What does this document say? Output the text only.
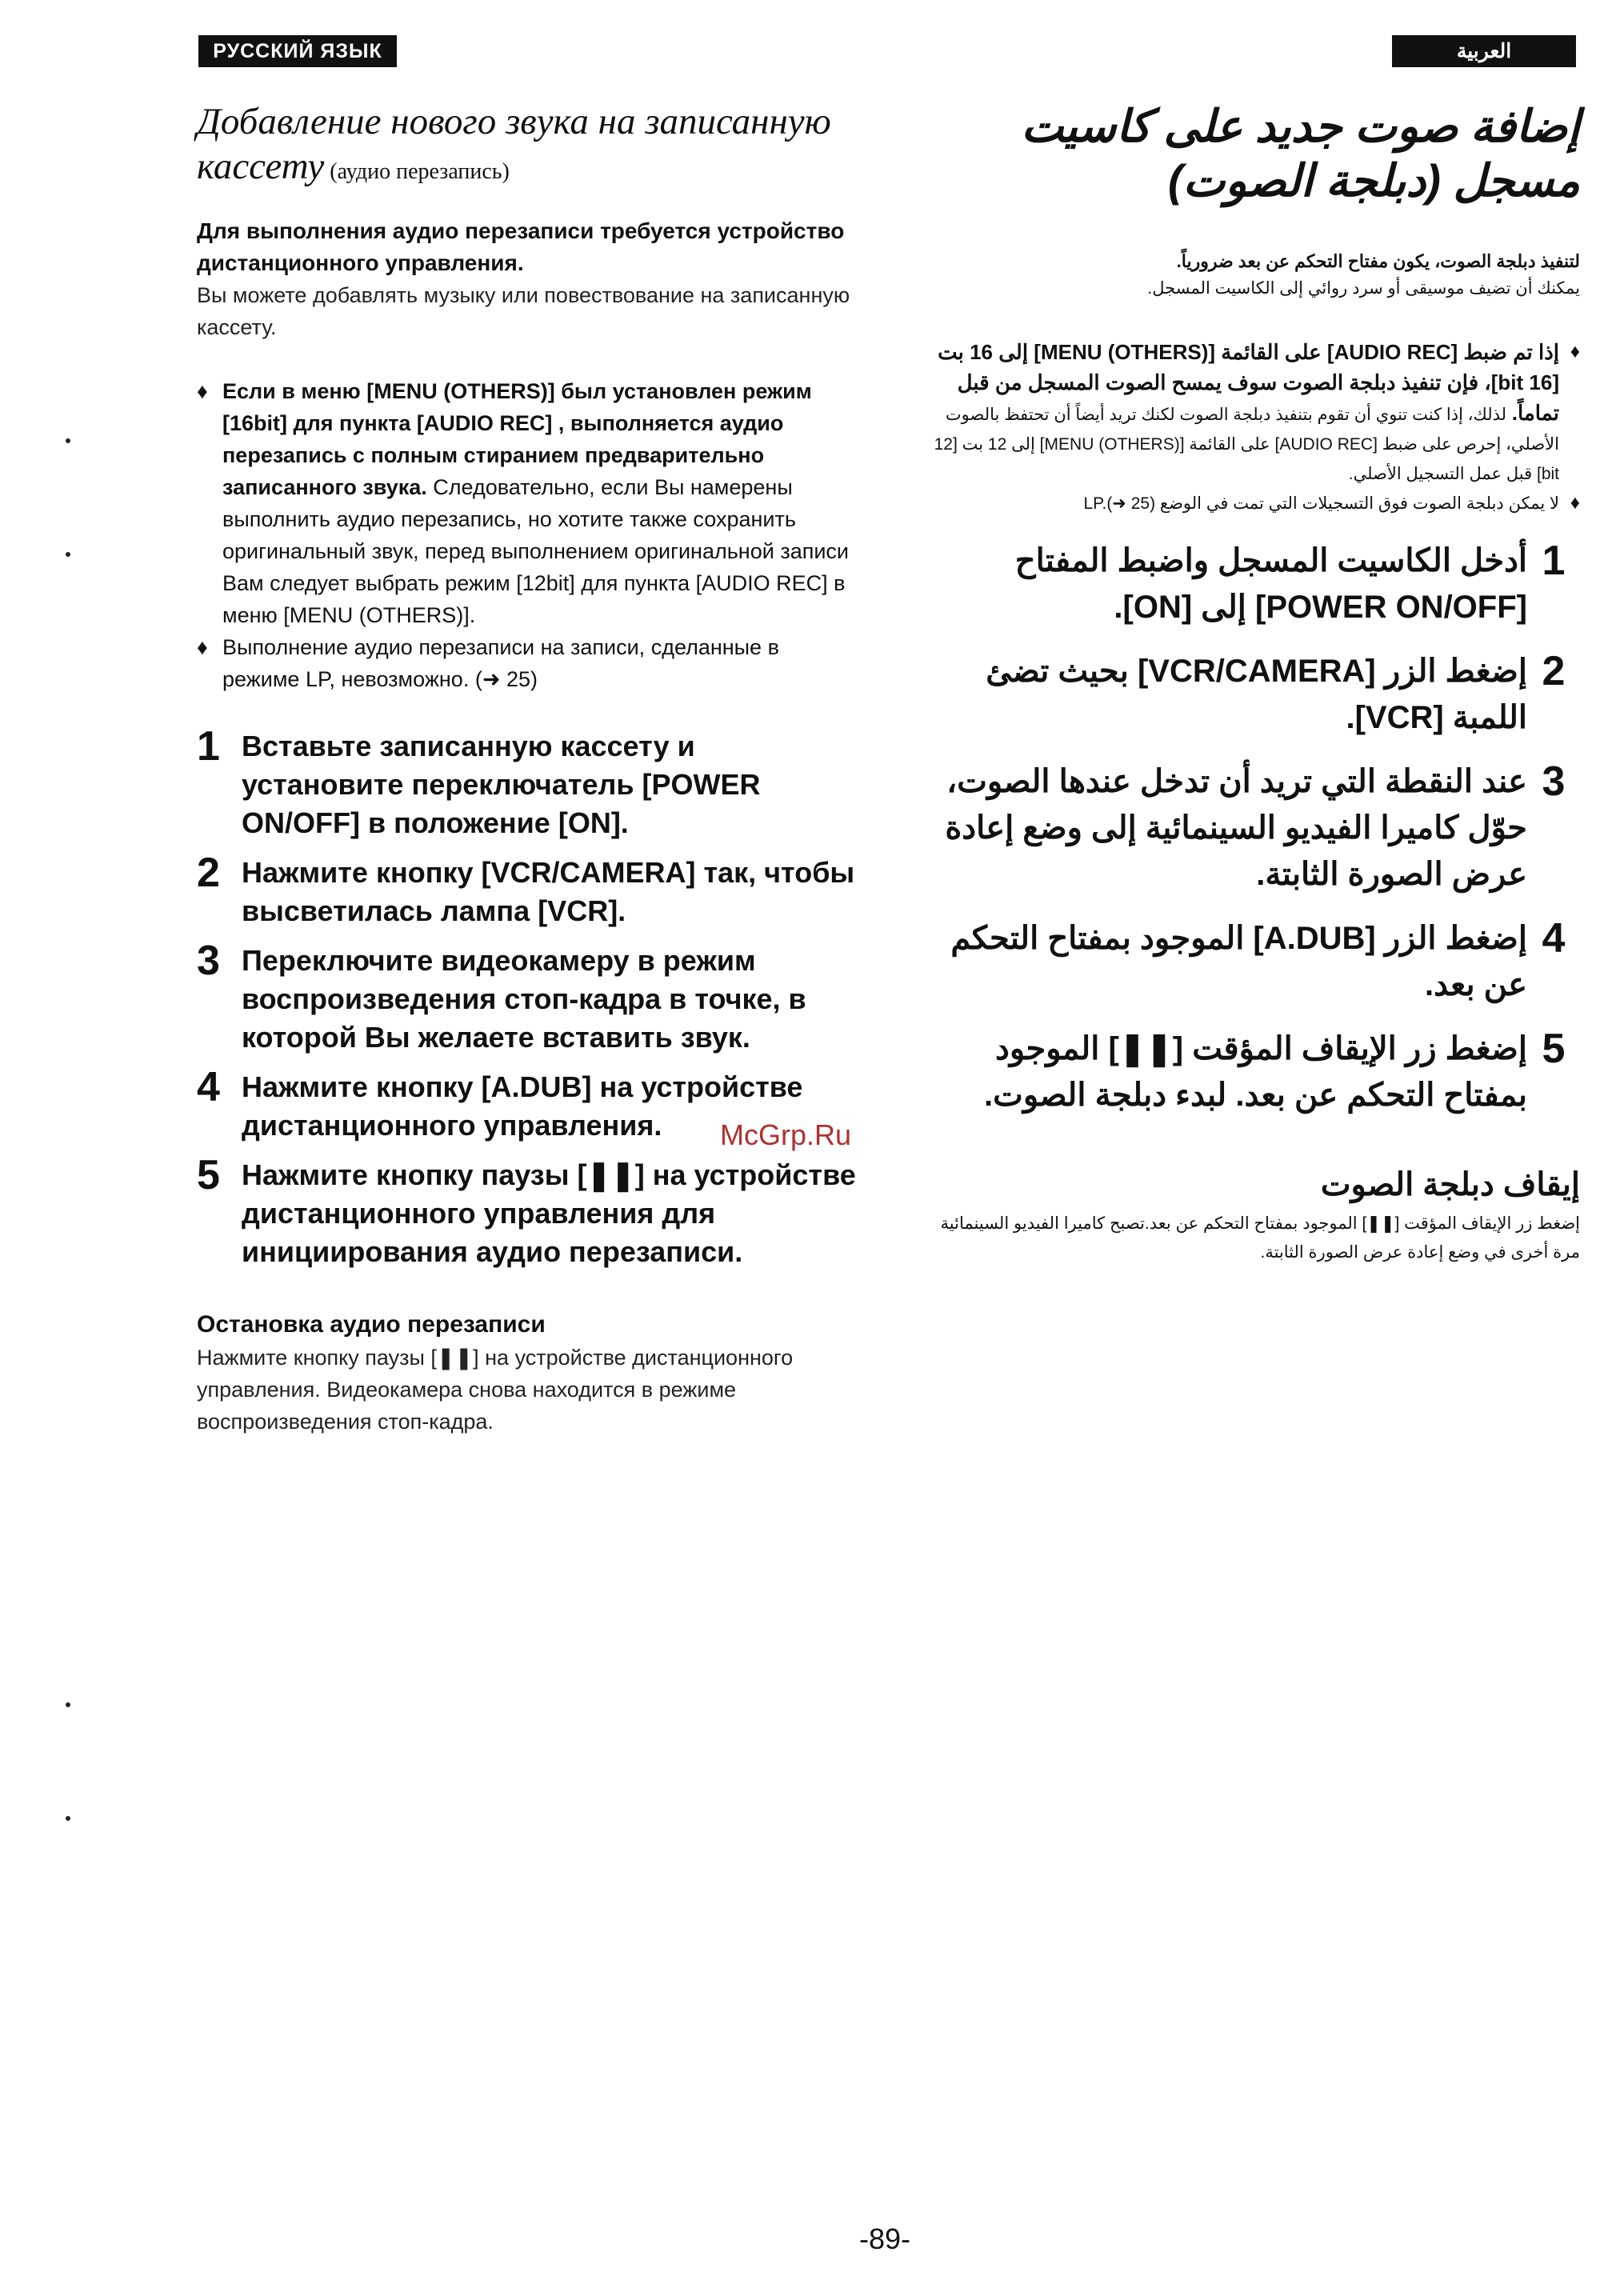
РУССКИЙ ЯЗЫК	العربية
Добавление нового звука на записанную кассету (аудио перезапись)

Для выполнения аудио перезаписи требуется устройство дистанционного управления.

Вы можете добавлять музыку или повествование на записанную кассету.

♦ Если в меню [MENU (OTHERS)] был установлен режим [16bit] для пункта [AUDIO REC] , выполняется аудио перезапись с полным стиранием предварительно записанного звука. Следовательно, если Вы намерены выполнить аудио перезапись, но хотите также сохранить оригинальный звук, перед выполнением оригинальной записи Вам следует выбрать режим [12bit] для пункта [AUDIO REC] в меню [MENU (OTHERS)].
♦ Выполнение аудио перезаписи на записи, сделанные в режиме LP, невозможно. (➜ 25)
1 Вставьте записанную кассету и установите переключатель [POWER ON/OFF] в положение [ON].
2 Нажмите кнопку [VCR/CAMERA] так, чтобы высветилась лампа [VCR].
3 Переключите видеокамеру в режим воспроизведения стоп-кадра в точке, в которой Вы желаете вставить звук.
4 Нажмите кнопку [A.DUB] на устройстве дистанционного управления.
5 Нажмите кнопку паузы [❚❚] на устройстве дистанционного управления для инициирования аудио перезаписи.
Остановка аудио перезаписи

Нажмите кнопку паузы [❚❚] на устройстве дистанционного управления. Видеокамера снова находится в режиме воспроизведения стоп-кадра.

إضافة صوت جديد على كاسيت مسجل (دبلجة الصوت)

لتنفيذ دبلجة الصوت، يكون مفتاح التحكم عن بعد ضرورياً.

يمكنك أن تضيف موسيقى أو سرد روائي إلى الكاسيت المسجل.

♦
إذا تم ضبط [AUDIO REC] على القائمة [MENU (OTHERS)] إلى 16 بت [16 bit]، فإن تنفيذ دبلجة الصوت سوف يمسح الصوت المسجل من قبل تماماً. لذلك، إذا كنت تنوي أن تقوم بتنفيذ دبلجة الصوت لكنك تريد أيضاً أن تحتفظ بالصوت الأصلي، إحرص على ضبط [AUDIO REC] على القائمة [MENU (OTHERS)] إلى 12 بت [12 bit] قبل عمل التسجيل الأصلي.
♦
لا يمكن دبلجة الصوت فوق التسجيلات التي تمت في الوضع LP.(➜ 25)
1
أدخل الكاسيت المسجل واضبط المفتاح [POWER ON/OFF] إلى [ON].
2
إضغط الزر [VCR/CAMERA] بحيث تضئ اللمبة [VCR].
3
عند النقطة التي تريد أن تدخل عندها الصوت، حوّل كاميرا الفيديو السينمائية إلى وضع إعادة عرض الصورة الثابتة.
4
إضغط الزر [A.DUB] الموجود بمفتاح التحكم عن بعد.
5
إضغط زر الإيقاف المؤقت [❚❚] الموجود بمفتاح التحكم عن بعد. لبدء دبلجة الصوت.
إيقاف دبلجة الصوت

إضغط زر الإيقاف المؤقت [❚❚] الموجود بمفتاح التحكم عن بعد.تصبح كاميرا الفيديو السينمائية مرة أخرى في وضع إعادة عرض الصورة الثابتة.

McGrp.Ru
-89-
